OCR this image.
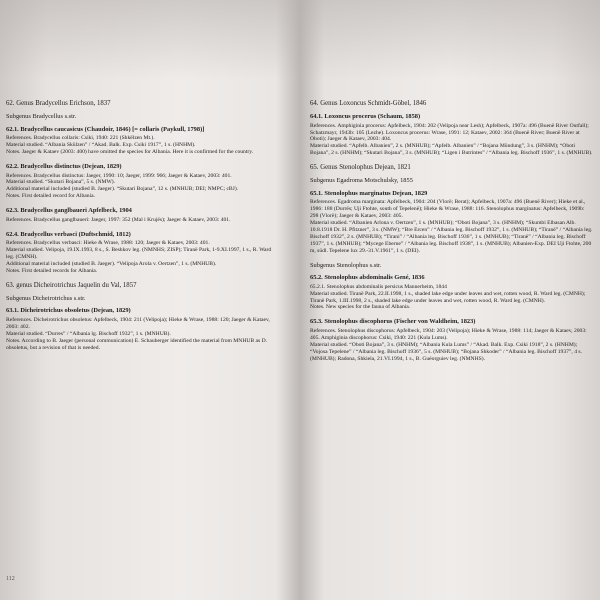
62. Genus Bradycellus Erichson, 1837
Subgenus Bradycellus s.str.
62.1. Bradycellus caucasicus (Chaudoir, 1846) [= collaris (Paykull, 1798)]

References. Bradycellus collaris: Csiki, 1940: 221 (Shkëlzen Mt.).

Material studied. “Albania Skülzen” / “Akad. Balk. Exp. Csiki 1917”, 1 s. (HNHM).

Notes. Jaeger & Kataev (2003: 400) have omitted the species for Albania. Here it is confirmed for the country.

62.2. Bradycellus distinctus (Dejean, 1829)

References. Bradycellus distinctus: Jaeger, 1990: 10; Jaeger, 1999: 966; Jaeger & Kataev, 2003: 401.

Material studied. “Skutari Bojana”, 5 s. (NMW).

Additional material included (studied B. Jaeger). “Skutari Bojana”, 12 s. (MNHUB; DEI; NMPC; cBJ).

Notes. First detailed record for Albania.

62.3. Bradycellus ganglbaueri Apfelbeck, 1904

References. Bradycellus ganglbaueri: Jaeger, 1997: 352 (Mal i Krujës); Jaeger & Kataev, 2003: 401.

62.4. Bradycellus verbasci (Duftschmid, 1812)

References. Bradycellus verbasci: Hieke & Wrase, 1988: 120; Jaeger & Kataev, 2003: 401.

Material studied. Velipoja, 19.IX.1993, 8 s., S. Beshkov leg. (NMNHS; ZISP); Tiranë Park, 1-9.XI.1997, 1 s., R. Ward leg. (CMNH).

Additional material included (studied B. Jaeger). “Velipoja Arola v. Oertzen”, 1 s. (MNHUB).

Notes. First detailed records for Albania.

63. genus Dicheirotrichus Jaquelin du Val, 1857
Subgenus Dicheirotrichus s.str.
63.1. Dicheirotrichus obsoletus (Dejean, 1829)

References. Dicheirotrichus obsoletus: Apfelbeck, 1904: 211 (Velipoja); Hieke & Wrase, 1988: 120; Jaeger & Kataev, 2003: 402.

Material studied. “Durres” / “Albania lg. Bischoff 1932”, 1 s. (MNHUB).

Notes. According to B. Jaeger (personal communication) E. Schauberger identified the material from MNHUB as D. obsoletus, but a revision of that is needed.

112
64. Genus Loxoncus Schmidt-Göbel, 1846
64.1. Loxoncus procerus (Schaum, 1858)

References. Amphiginia procerus: Apfelbeck, 1904: 202 (Velipoja near Lesh); Apfelbeck, 1907a: 496 (Buenë River Outfall); Schatzmayr, 1943b: 105 (Lezhe). Loxoncus procerus: Wrase, 1991: 12; Kataev, 2002: 364 (Buenë River; Buenë River at Obotì); Jaeger & Kataev, 2003: 404.

Material studied. “Apfelb. Albanien”, 2 s. (MNHUB); “Apfelb. Albanien” / “Bojana Mündung”, 3 s. (HNHM); “Oboti Bojana”, 2 s. (HNHM); “Skutari Bojana”, 3 s. (MNHUB); “Ligen i Butrintes” / “Albania leg. Bischoff 1936”, 1 s. (MNHUB).

65. Genus Stenolophus Dejean, 1821
Subgenus Egadroma Motschulsky, 1855
65.1. Stenolophus marginatus Dejean, 1829

References. Egadroma marginata: Apfelbeck, 1904: 204 (Vlorë; Berat); Apfelbeck, 1907a: 496 (Buenë River); Hieke et al., 1986: 188 (Durrës; Uji Ftohte, south of Tepelenë); Hieke & Wrase, 1988: 116. Stenolophus marginatus: Apfelbeck, 1909b: 298 (Vlorë); Jaeger & Kataev, 2003: 405.

Material studied. “Albanien Arlona v. Oertzen”, 1 s. (MNHUB); “Oboti Bojana”, 3 s. (HNHM); “Skumbi Elbasan Alb. 10.8.1918 Dr. H. Pfitzner”, 3 s. (NMW); “Bre Ercen” / “Albania leg. Bischoff 1932”, 1 s. (MNHUB); “Tiranë” / “Albania leg. Bischoff 1932”, 2 s. (MNHUB); “Tirani” / “Albania leg. Bischoff 1936”, 1 s. (MNHUB); “Tiranë” / “Albania leg. Bischoff 1937”, 1 s. (MNHUB); “Mycege Eberne” / “Albania leg. Bischoff 1938”, 1 s. (MNHUB); Albanien-Exp. DEI Uji Ftohte, 200 m, südl. Tepelene lux 29.-31.V.1961”, 1 s. (DEI).

Subgenus Stenolophus s.str.
65.2. Stenolophus abdominalis Gené, 1836

65.2.1. Stenolophus abdominalis persicus Mannerheim, 1844

Material studied. Tiranë Park, 22.II.1998, 1 s., shaded lake edge under leaves and wet, rotten wood, R. Ward leg. (CMNH); Tiranë Park, 1.III.1998, 2 s., shaded lake edge under leaves and wet, rotten wood, R. Ward leg. (CMNH).

Notes. New species for the fauna of Albania.

65.3. Stenolophus discophorus (Fischer von Waldheim, 1823)

References. Stenolophus discophorus: Apfelbeck, 1904: 203 (Velipoja); Hieke & Wrase, 1988: 114; Jaeger & Kataev, 2003: 405. Amphiginia discophorus: Csiki, 1940: 221 (Kula Lums).

Material studied. “Oboti Bojana”, 3 s. (HNHM); “Albania Kula Lums” / “Akad. Balk. Exp. Csiki 1918”, 2 s. (HNHM); “Vojosa Tepelene” / “Albania leg. Bischoff 1936”, 5 s. (MNHUB); “Bojana Shkoder” / “Albania leg. Bischoff 1937”, 4 s. (MNHUB); Radona, Shkiela, 21.VI.1994, 1 s., B. Guéorguiev leg. (NMNHS).
